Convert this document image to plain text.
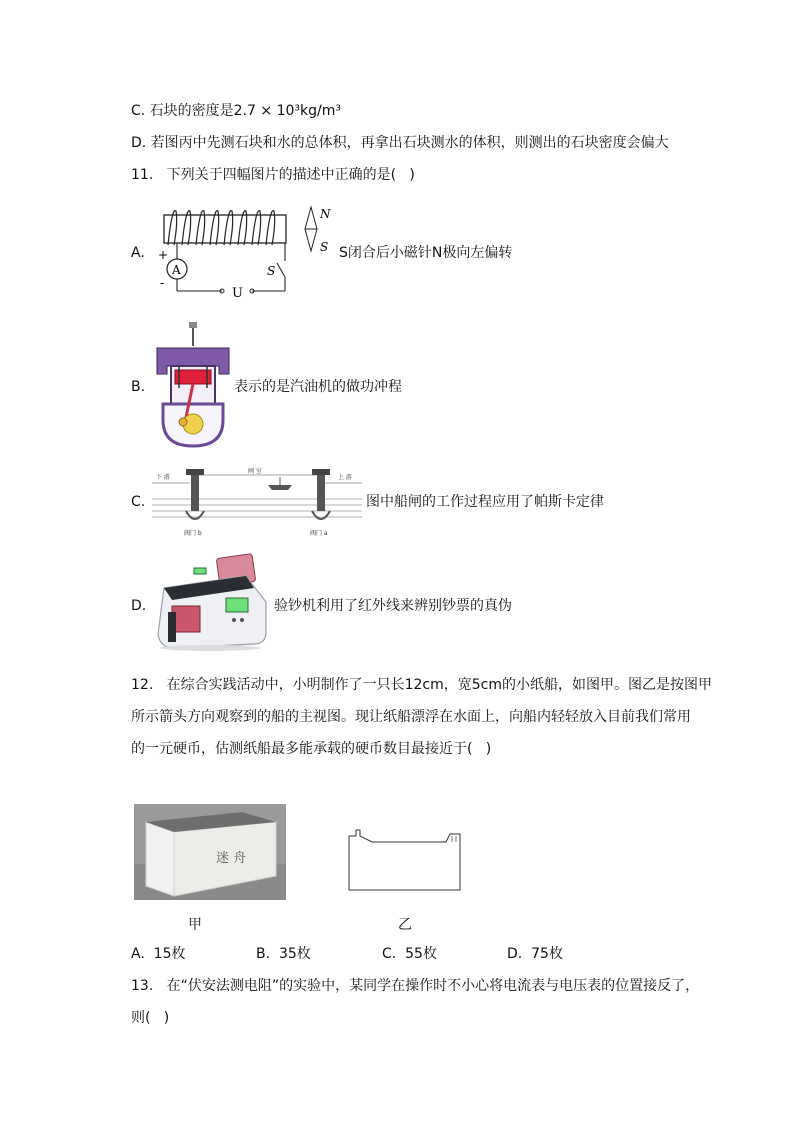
C. 石块的密度是2.7 × 10³kg/m³
D. 若图丙中先测石块和水的总体积，再拿出石块测水的体积，则测出的石块密度会偏大
11.   下列关于四幅图片的描述中正确的是(   )
A.
A
+
-
U
S
N
S S闭合后小磁针N极向左偏转
B.	表示的是汽油机的做功冲程
C.
闸 室
下 游	上 游
阀门 b	阀门 a
图中船闸的工作过程应用了帕斯卡定律
D.	验钞机利用了红外线来辨别钞票的真伪
12.   在综合实践活动中，小明制作了一只长12cm，宽5cm的小纸船，如图甲。图乙是按图甲
所示箭头方向观察到的船的主视图。现让纸船漂浮在水面上，向船内轻轻放入目前我们常用
的一元硬币，估测纸船最多能承载的硬币数目最接近于(   )
迷 舟
甲	乙
A.  15枚	B.  35枚	C.  55枚	D.  75枚
13.   在“伏安法测电阻”的实验中，某同学在操作时不小心将电流表与电压表的位置接反了，
则(   )
